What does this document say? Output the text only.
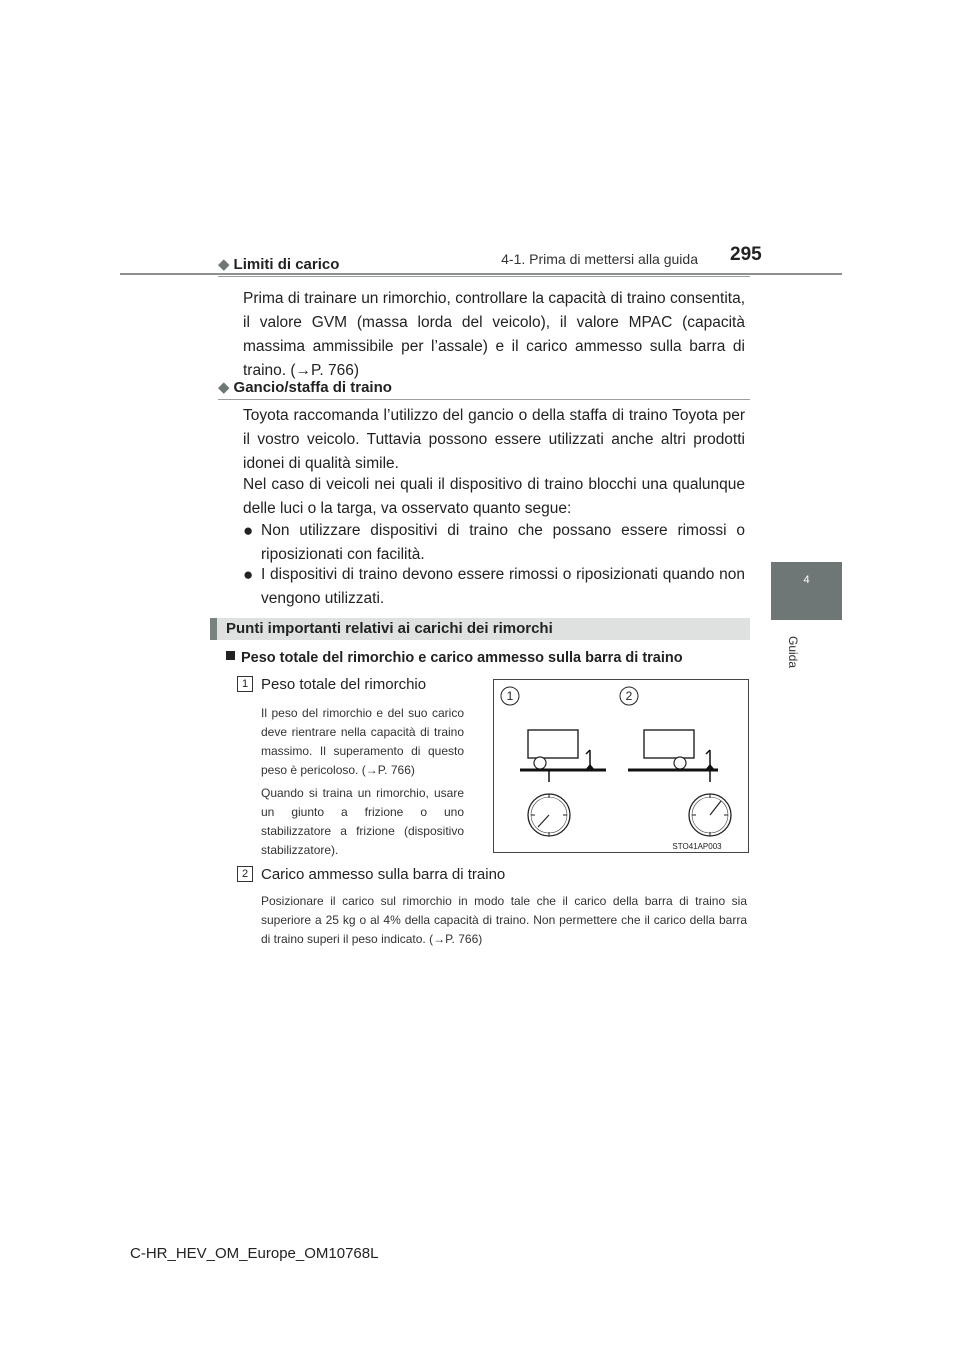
4-1. Prima di mettersi alla guida 295
4
Guida
◆ Limiti di carico
Prima di trainare un rimorchio, controllare la capacità di traino consentita, il valore GVM (massa lorda del veicolo), il valore MPAC (capacità massima ammissibile per l’assale) e il carico ammesso sulla barra di traino. (→P. 766)
◆ Gancio/staffa di traino
Toyota raccomanda l’utilizzo del gancio o della staffa di traino Toyota per il vostro veicolo. Tuttavia possono essere utilizzati anche altri prodotti idonei di qualità simile.
Nel caso di veicoli nei quali il dispositivo di traino blocchi una qualunque delle luci o la targa, va osservato quanto segue:
● Non utilizzare dispositivi di traino che possano essere rimossi o riposizionati con facilità.
● I dispositivi di traino devono essere rimossi o riposizionati quando non vengono utilizzati.
Punti importanti relativi ai carichi dei rimorchi
Peso totale del rimorchio e carico ammesso sulla barra di traino
1 Peso totale del rimorchio
Il peso del rimorchio e del suo carico deve rientrare nella capacità di traino massimo. Il superamento di questo peso è pericoloso. (→P. 766)
Quando si traina un rimorchio, usare un giunto a frizione o uno stabilizzatore a frizione (dispositivo stabilizzatore).
2 Carico ammesso sulla barra di traino
Posizionare il carico sul rimorchio in modo tale che il carico della barra di traino sia superiore a 25 kg o al 4% della capacità di traino. Non permettere che il carico della barra di traino superi il peso indicato. (→P. 766)
1	2
STO41AP003
C-HR_HEV_OM_Europe_OM10768L
